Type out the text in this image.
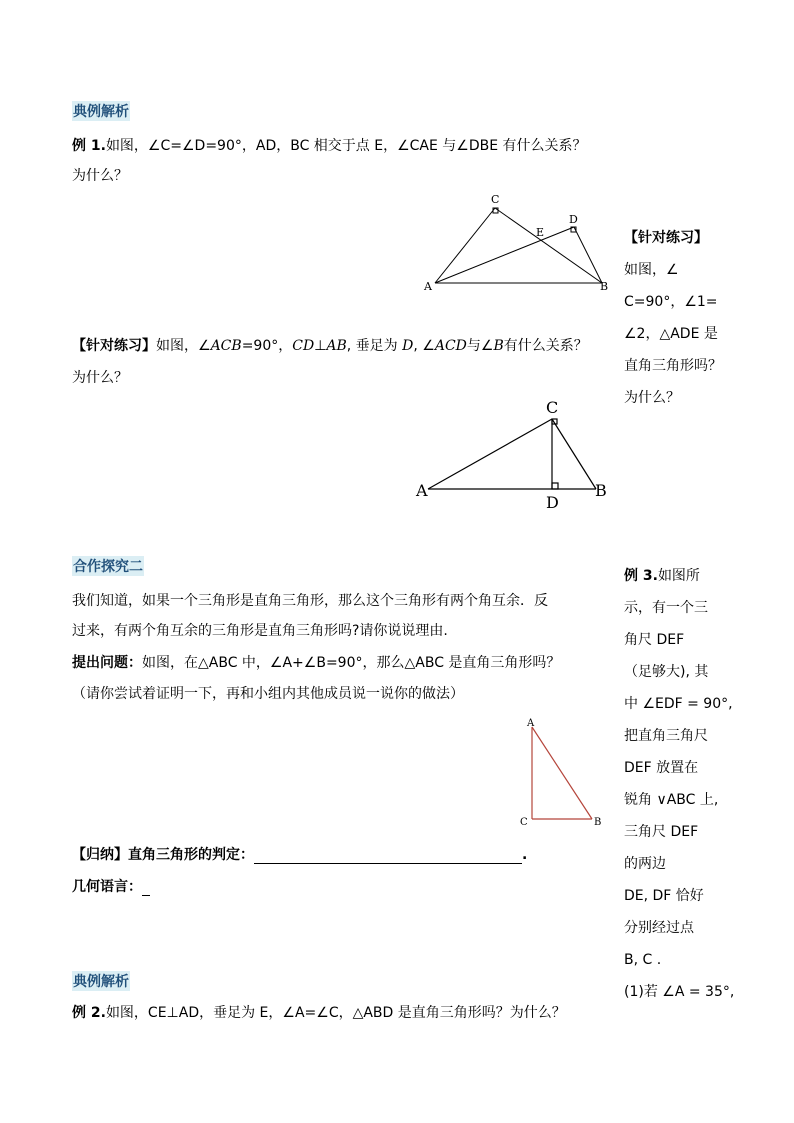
典例解析
例 1.如图，∠C=∠D=90°，AD，BC 相交于点 E，∠CAE 与∠DBE 有什么关系？
为什么？
A	B
C
D
E
【针对练习】如图，∠ACB=90°，CD⊥AB, 垂足为 D, ∠ACD与∠B有什么关系？
为什么？
A	B
C
D
【针对练习】
如图，∠
C=90°，∠1=
∠2，△ADE 是
直角三角形吗？
为什么？
合作探究二
我们知道，如果一个三角形是直角三角形，那么这个三角形有两个角互余．反
过来，有两个角互余的三角形是直角三角形吗?请你说说理由.
提出问题：如图，在△ABC 中，∠A+∠B=90°，那么△ABC 是直角三角形吗？
（请你尝试着证明一下，再和小组内其他成员说一说你的做法）
A
B
C
【归纳】直角三角形的判定：	.
几何语言：
典例解析
例 2.如图，CE⊥AD，垂足为 E，∠A=∠C，△ABD 是直角三角形吗？为什么？
例 3.如图所
示，有一个三
角尺 DEF
（足够大), 其
中 ∠EDF = 90°,
把直角三角尺
DEF 放置在
锐角 ∨ABC 上,
三角尺 DEF
的两边
DE, DF 恰好
分别经过点
B, C .
(1)若 ∠A = 35°,
